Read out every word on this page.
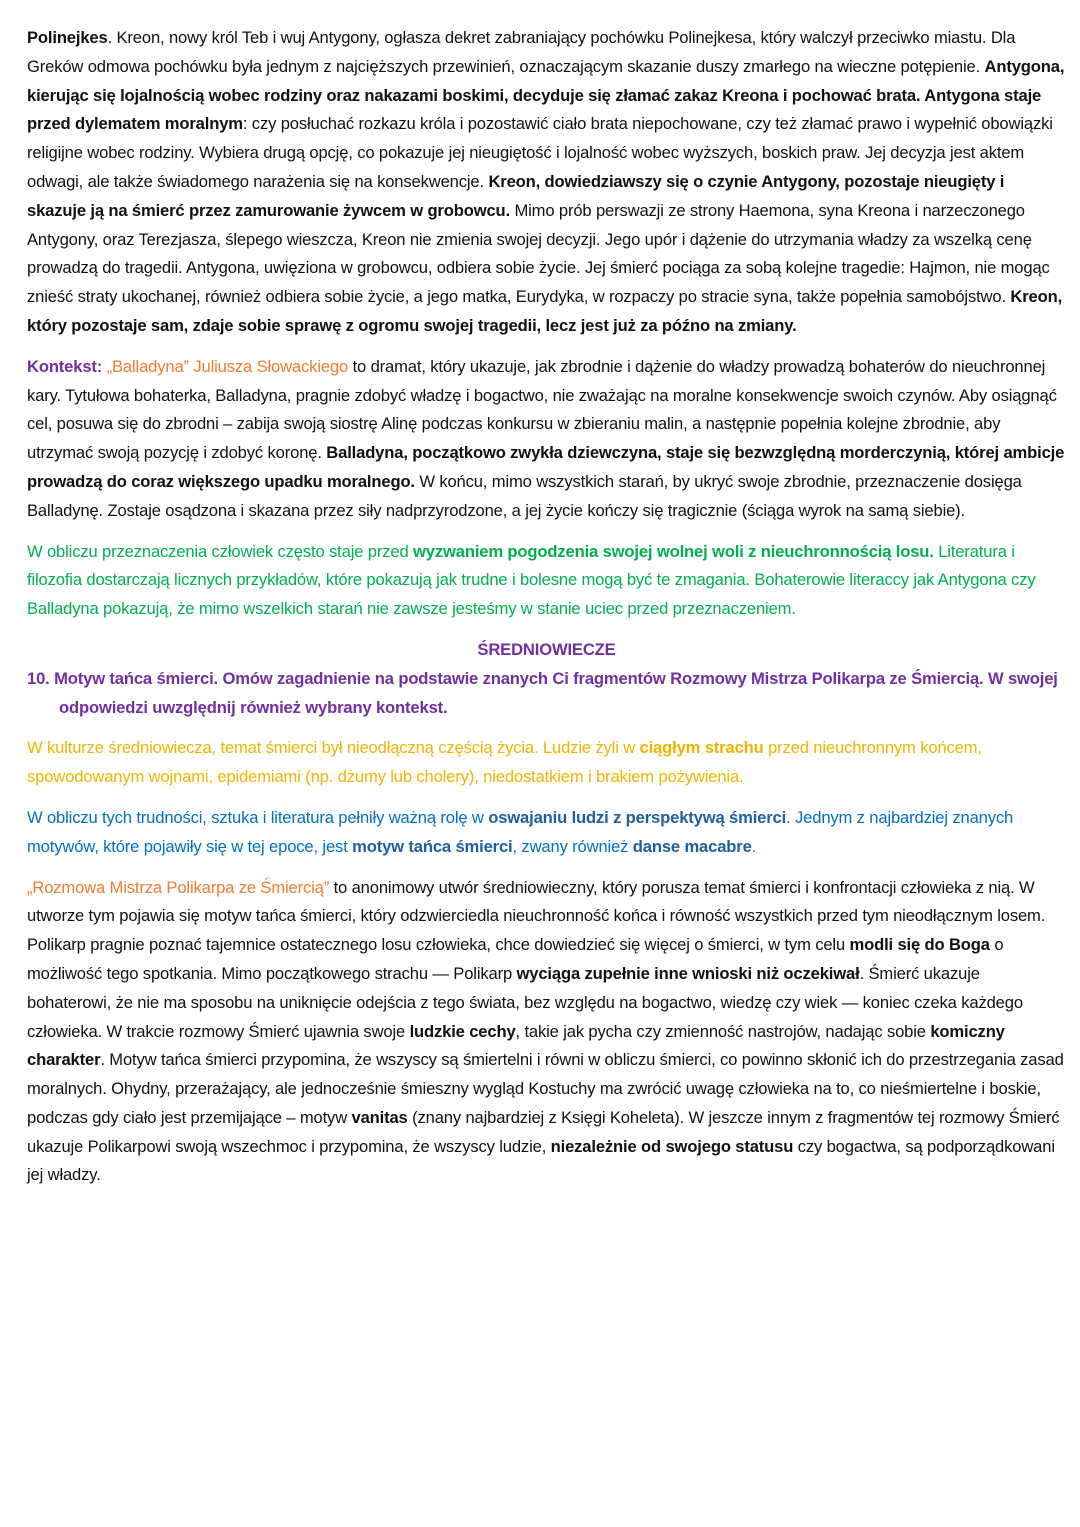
Polinejkes. Kreon, nowy król Teb i wuj Antygony, ogłasza dekret zabraniający pochówku Polinejkesa, który walczył przeciwko miastu. Dla Greków odmowa pochówku była jednym z najcięższych przewinień, oznaczającym skazanie duszy zmarłego na wieczne potępienie. Antygona, kierując się lojalnością wobec rodziny oraz nakazami boskimi, decyduje się złamać zakaz Kreona i pochować brata. Antygona staje przed dylematem moralnym: czy posłuchać rozkazu króla i pozostawić ciało brata niepochowane, czy też złamać prawo i wypełnić obowiązki religijne wobec rodziny. Wybiera drugą opcję, co pokazuje jej nieugiętość i lojalność wobec wyższych, boskich praw. Jej decyzja jest aktem odwagi, ale także świadomego narażenia się na konsekwencje. Kreon, dowiedziawszy się o czynie Antygony, pozostaje nieugięty i skazuje ją na śmierć przez zamurowanie żywcem w grobowcu. Mimo prób perswazji ze strony Haemona, syna Kreona i narzeczonego Antygony, oraz Terezjasza, ślepego wieszcza, Kreon nie zmienia swojej decyzji. Jego upór i dążenie do utrzymania władzy za wszelką cenę prowadzą do tragedii. Antygona, uwięziona w grobowcu, odbiera sobie życie. Jej śmierć pociąga za sobą kolejne tragedie: Hajmon, nie mogąc znieść straty ukochanej, również odbiera sobie życie, a jego matka, Eurydyka, w rozpaczy po stracie syna, także popełnia samobójstwo. Kreon, który pozostaje sam, zdaje sobie sprawę z ogromu swojej tragedii, lecz jest już za późno na zmiany.

Kontekst: „Balladyna” Juliusza Słowackiego to dramat, który ukazuje, jak zbrodnie i dążenie do władzy prowadzą bohaterów do nieuchronnej kary. Tytułowa bohaterka, Balladyna, pragnie zdobyć władzę i bogactwo, nie zważając na moralne konsekwencje swoich czynów. Aby osiągnąć cel, posuwa się do zbrodni – zabija swoją siostrę Alinę podczas konkursu w zbieraniu malin, a następnie popełnia kolejne zbrodnie, aby utrzymać swoją pozycję i zdobyć koronę. Balladyna, początkowo zwykła dziewczyna, staje się bezwzględną morderczynią, której ambicje prowadzą do coraz większego upadku moralnego. W końcu, mimo wszystkich starań, by ukryć swoje zbrodnie, przeznaczenie dosięga Balladynę. Zostaje osądzona i skazana przez siły nadprzyrodzone, a jej życie kończy się tragicznie (ściąga wyrok na samą siebie).

W obliczu przeznaczenia człowiek często staje przed wyzwaniem pogodzenia swojej wolnej woli z nieuchronnością losu. Literatura i filozofia dostarczają licznych przykładów, które pokazują jak trudne i bolesne mogą być te zmagania. Bohaterowie literaccy jak Antygona czy Balladyna pokazują, że mimo wszelkich starań nie zawsze jesteśmy w stanie uciec przed przeznaczeniem.

ŚREDNIOWIECZE

10. Motyw tańca śmierci. Omów zagadnienie na podstawie znanych Ci fragmentów Rozmowy Mistrza Polikarpa ze Śmiercią. W swojej odpowiedzi uwzględnij również wybrany kontekst.

W kulturze średniowiecza, temat śmierci był nieodłączną częścią życia. Ludzie żyli w ciągłym strachu przed nieuchronnym końcem, spowodowanym wojnami, epidemiami (np. dżumy lub cholery), niedostatkiem i brakiem pożywienia.

W obliczu tych trudności, sztuka i literatura pełniły ważną rolę w oswajaniu ludzi z perspektywą śmierci. Jednym z najbardziej znanych motywów, które pojawiły się w tej epoce, jest motyw tańca śmierci, zwany również danse macabre.

„Rozmowa Mistrza Polikarpa ze Śmiercią” to anonimowy utwór średniowieczny, który porusza temat śmierci i konfrontacji człowieka z nią. W utworze tym pojawia się motyw tańca śmierci, który odzwierciedla nieuchronność końca i równość wszystkich przed tym nieodłącznym losem. Polikarp pragnie poznać tajemnice ostatecznego losu człowieka, chce dowiedzieć się więcej o śmierci, w tym celu modli się do Boga o możliwość tego spotkania. Mimo początkowego strachu — Polikarp wyciąga zupełnie inne wnioski niż oczekiwał. Śmierć ukazuje bohaterowi, że nie ma sposobu na uniknięcie odejścia z tego świata, bez względu na bogactwo, wiedzę czy wiek — koniec czeka każdego człowieka. W trakcie rozmowy Śmierć ujawnia swoje ludzkie cechy, takie jak pycha czy zmienność nastrojów, nadając sobie komiczny charakter. Motyw tańca śmierci przypomina, że wszyscy są śmiertelni i równi w obliczu śmierci, co powinno skłonić ich do przestrzegania zasad moralnych. Ohydny, przerażający, ale jednocześnie śmieszny wygląd Kostuchy ma zwrócić uwagę człowieka na to, co nieśmiertelne i boskie, podczas gdy ciało jest przemijające – motyw vanitas (znany najbardziej z Księgi Koheleta). W jeszcze innym z fragmentów tej rozmowy Śmierć ukazuje Polikarpowi swoją wszechmoc i przypomina, że wszyscy ludzie, niezależnie od swojego statusu czy bogactwa, są podporządkowani jej władzy.
